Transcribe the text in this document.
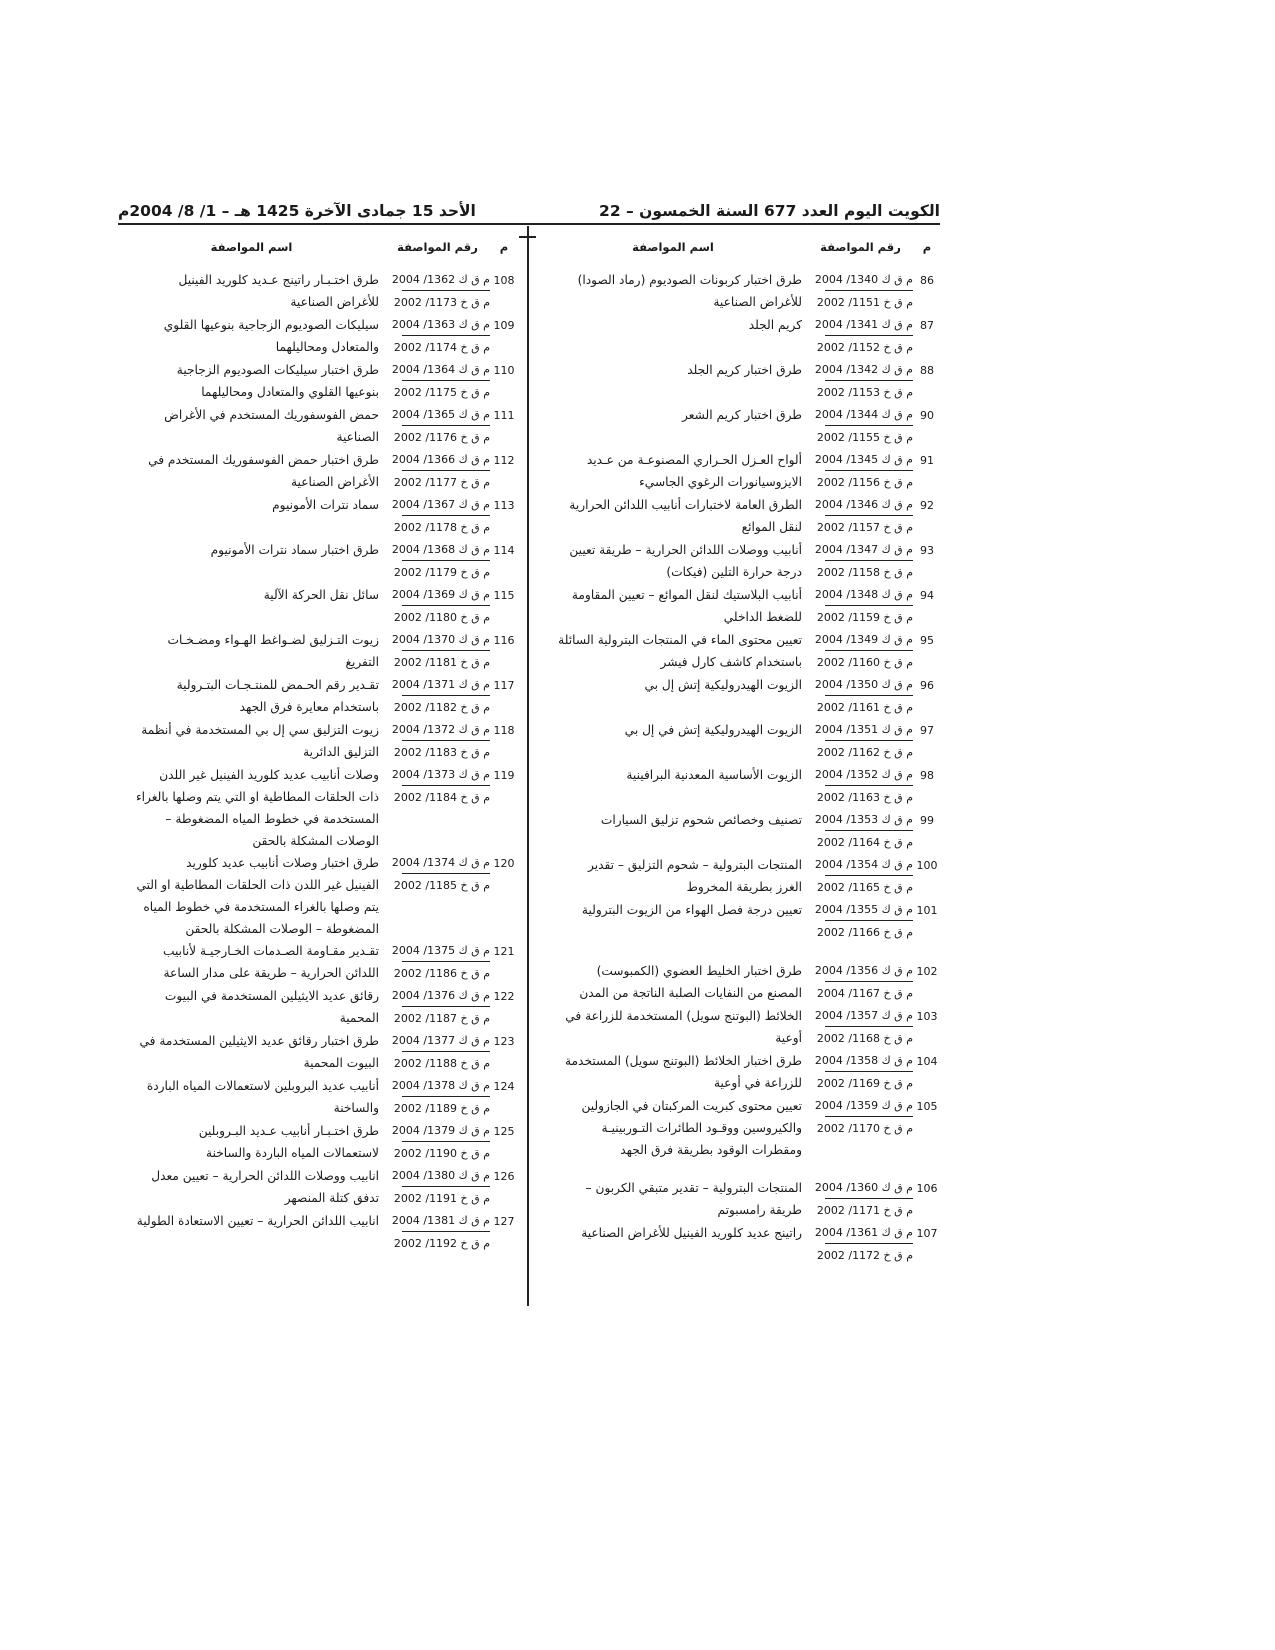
الكويت اليوم العدد 677 السنة الخمسون – 22
الأحد 15 جمادى الآخرة 1425 هـ – 1/ 8/ 2004م
م
رقم المواصفة
اسم المواصفة
86
م ق ك 1340/ 2004
م ق خ 1151/ 2002
طرق اختبار كربونات الصوديوم (رماد الصودا)
للأغراض الصناعية
87
م ق ك 1341/ 2004
م ق خ 1152/ 2002
كريم الجلد
88
م ق ك 1342/ 2004
م ق خ 1153/ 2002
طرق اختبار كريم الجلد
90
م ق ك 1344/ 2004
م ق خ 1155/ 2002
طرق اختبار كريم الشعر
91
م ق ك 1345/ 2004
م ق خ 1156/ 2002
ألواح العـزل الحـراري المصنوعـة من عـديد
الايزوسيانورات الرغوي الجاسيء
92
م ق ك 1346/ 2004
م ق خ 1157/ 2002
الطرق العامة لاختبارات أنابيب اللدائن الحرارية
لنقل الموائع
93
م ق ك 1347/ 2004
م ق خ 1158/ 2002
أنابيب ووصلات اللدائن الحرارية – طريقة تعيين
درجة حرارة التلين (فيكات)
94
م ق ك 1348/ 2004
م ق خ 1159/ 2002
أنابيب البلاستيك لنقل الموائع – تعيين المقاومة
للضغط الداخلي
95
م ق ك 1349/ 2004
م ق خ 1160/ 2002
تعيين محتوى الماء في المنتجات البترولية السائلة
باستخدام كاشف كارل فيشر
96
م ق ك 1350/ 2004
م ق خ 1161/ 2002
الزيوت الهيدروليكية إتش إل بي
97
م ق ك 1351/ 2004
م ق خ 1162/ 2002
الزيوت الهيدروليكية إتش في إل بي
98
م ق ك 1352/ 2004
م ق خ 1163/ 2002
الزيوت الأساسية المعدنية البرافينية
99
م ق ك 1353/ 2004
م ق خ 1164/ 2002
تصنيف وخصائص شحوم تزليق السيارات
100
م ق ك 1354/ 2004
م ق خ 1165/ 2002
المنتجات البترولية – شحوم التزليق – تقدير
الغرز بطريقة المخروط
101
م ق ك 1355/ 2004
م ق خ 1166/ 2002
تعيين درجة فصل الهواء من الزيوت البترولية
102
م ق ك 1356/ 2004
م ق خ 1167/ 2004
طرق اختبار الخليط العضوي (الكمبوست)
المصنع من النفايات الصلبة الناتجة من المدن
103
م ق ك 1357/ 2004
م ق خ 1168/ 2002
الخلائط (البوتنج سويل) المستخدمة للزراعة في
أوعية
104
م ق ك 1358/ 2004
م ق خ 1169/ 2002
طرق اختبار الخلائط (البوتنج سويل) المستخدمة
للزراعة في أوعية
105
م ق ك 1359/ 2004
م ق خ 1170/ 2002
تعيين محتوى كبريت المركبتان في الجازولين
والكيروسين ووقـود الطائرات التـوربينيـة
ومقطرات الوقود بطريقة فرق الجهد
106
م ق ك 1360/ 2004
م ق خ 1171/ 2002
المنتجات البترولية – تقدير متبقي الكربون –
طريقة رامسبوتم
107
م ق ك 1361/ 2004
م ق خ 1172/ 2002
راتينج عديد كلوريد الفينيل للأغراض الصناعية
م
رقم المواصفة
اسم المواصفة
108
م ق ك 1362/ 2004
م ق خ 1173/ 2002
طرق اختـبـار راتينج عـديد كلوريد الفينيل
للأغراض الصناعية
109
م ق ك 1363/ 2004
م ق خ 1174/ 2002
سيليكات الصوديوم الزجاجية بنوعيها القلوي
والمتعادل ومحاليلهما
110
م ق ك 1364/ 2004
م ق خ 1175/ 2002
طرق اختبار سيليكات الصوديوم الزجاجية
بنوعيها القلوي والمتعادل ومحاليلهما
111
م ق ك 1365/ 2004
م ق خ 1176/ 2002
حمض الفوسفوريك المستخدم في الأغراض
الصناعية
112
م ق ك 1366/ 2004
م ق خ 1177/ 2002
طرق اختبار حمض الفوسفوريك المستخدم في
الأغراض الصناعية
113
م ق ك 1367/ 2004
م ق خ 1178/ 2002
سماد نترات الأمونيوم
114
م ق ك 1368/ 2004
م ق خ 1179/ 2002
طرق اختبار سماد نترات الأمونيوم
115
م ق ك 1369/ 2004
م ق خ 1180/ 2002
سائل نقل الحركة الآلية
116
م ق ك 1370/ 2004
م ق خ 1181/ 2002
زيوت التـزليق لضـواغط الهـواء ومضـخـات
التفريغ
117
م ق ك 1371/ 2004
م ق خ 1182/ 2002
تقـدير رقم الحـمض للمنتـجـات البتـرولية
باستخدام معايرة فرق الجهد
118
م ق ك 1372/ 2004
م ق خ 1183/ 2002
زيوت التزليق سي إل بي المستخدمة في أنظمة
التزليق الدائرية
119
م ق ك 1373/ 2004
م ق خ 1184/ 2002
وصلات أنابيب عديد كلوريد الفينيل غير اللدن
ذات الحلقات المطاطية او التي يتم وصلها بالغراء
المستخدمة في خطوط المياه المضغوطة –
الوصلات المشكلة بالحقن
120
م ق ك 1374/ 2004
م ق خ 1185/ 2002
طرق اختبار وصلات أنابيب عديد كلوريد
الفينيل غير اللدن ذات الحلقات المطاطية او التي
يتم وصلها بالغراء المستخدمة في خطوط المياه
المضغوطة – الوصلات المشكلة بالحقن
121
م ق ك 1375/ 2004
م ق خ 1186/ 2002
تقـدير مقـاومة الصـدمات الخـارجيـة لأنابيب
اللدائن الحرارية – طريقة على مدار الساعة
122
م ق ك 1376/ 2004
م ق خ 1187/ 2002
رقائق عديد الايثيلين المستخدمة في البيوت
المحمية
123
م ق ك 1377/ 2004
م ق خ 1188/ 2002
طرق اختبار رقائق عديد الايثيلين المستخدمة في
البيوت المحمية
124
م ق ك 1378/ 2004
م ق خ 1189/ 2002
أنابيب عديد البروبلين لاستعمالات المياه الباردة
والساخنة
125
م ق ك 1379/ 2004
م ق خ 1190/ 2002
طرق اختـبـار أنابيب عـديد البـروبلين
لاستعمالات المياه الباردة والساخنة
126
م ق ك 1380/ 2004
م ق خ 1191/ 2002
انابيب ووصلات اللدائن الحرارية – تعيين معدل
تدفق كتلة المنصهر
127
م ق ك 1381/ 2004
م ق خ 1192/ 2002
انابيب اللدائن الحرارية – تعيين الاستعادة الطولية
